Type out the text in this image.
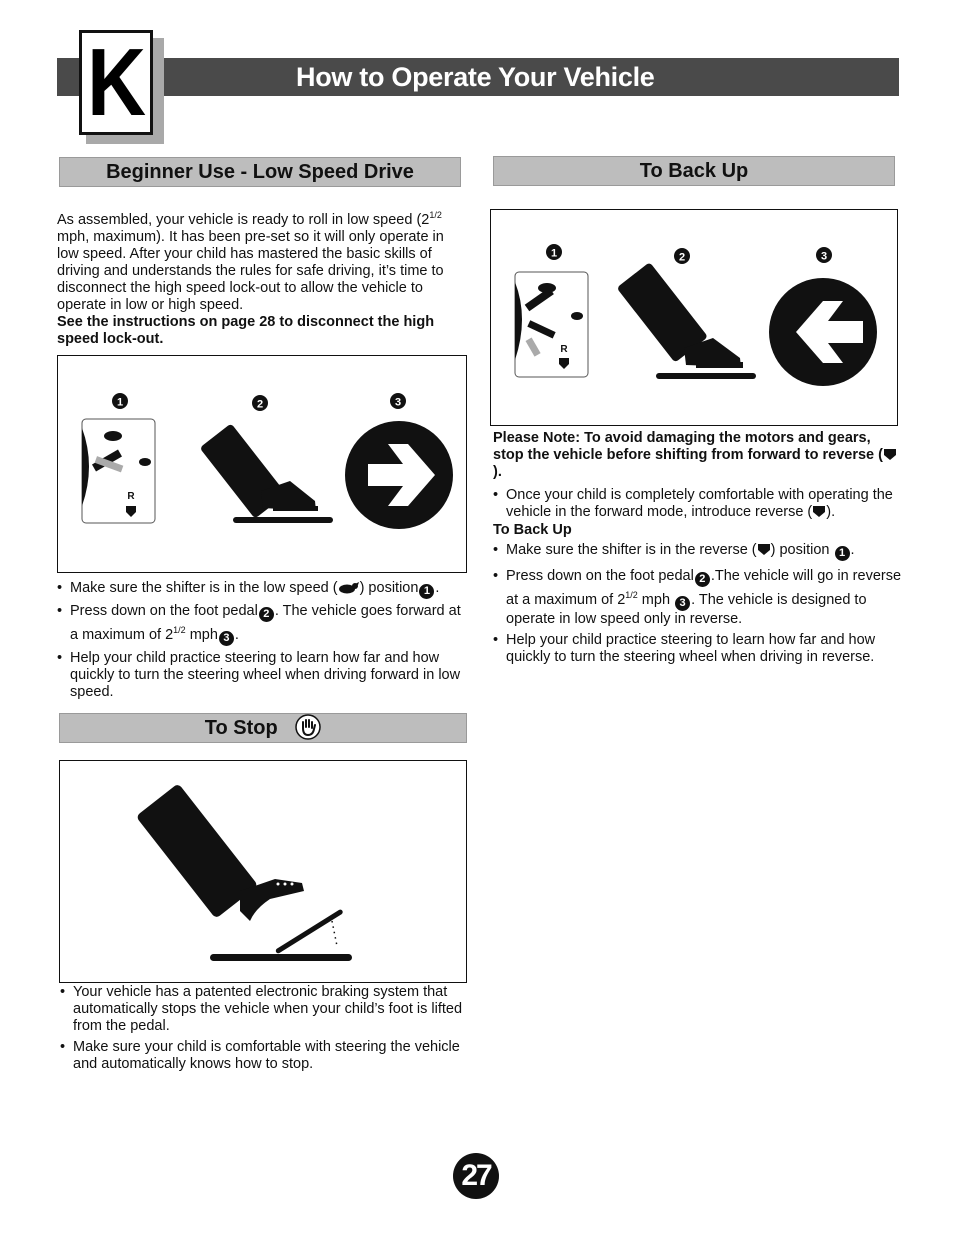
How to Operate Your Vehicle
K
Beginner Use - Low Speed Drive
As assembled, your vehicle is ready to roll in low speed ($2^{1/2}$ mph, maximum). It has been pre-set so it will only operate in low speed. After your child has mastered the basic skills of driving and understands the rules for safe driving, it’s time to disconnect the high speed lock-out to allow the vehicle to operate in low or high speed.
See the instructions on page 28 to disconnect the high speed lock-out.
1	2	3
R
• Make sure the shifter is in the low speed ( ) position 1 .
• Press down on the foot pedal 2 . The vehicle goes forward at a maximum of $2^{1/2}$ mph 3 .
• Help your child practice steering to learn how far and how quickly to turn the steering wheel when driving forward in low speed.
To Stop
• Your vehicle has a patented electronic braking system that automatically stops the vehicle when your child’s foot is lifted from the pedal.
• Make sure your child is comfortable with steering the vehicle and automatically knows how to stop.
To Back Up
1	2	3
R
Please Note: To avoid damaging the motors and gears, stop the vehicle before shifting from forward to reverse ().
• Once your child is completely comfortable with operating the vehicle in the forward mode, introduce reverse ( ).
To Back Up
• Make sure the shifter is in the reverse ( ) position 1 .
• Press down on the foot pedal 2 .The vehicle will go in reverse at a maximum of $2^{1/2}$ mph 3 . The vehicle is designed to operate in low speed only in reverse.
• Help your child practice steering to learn how far and how quickly to turn the steering wheel when driving in reverse.
27
